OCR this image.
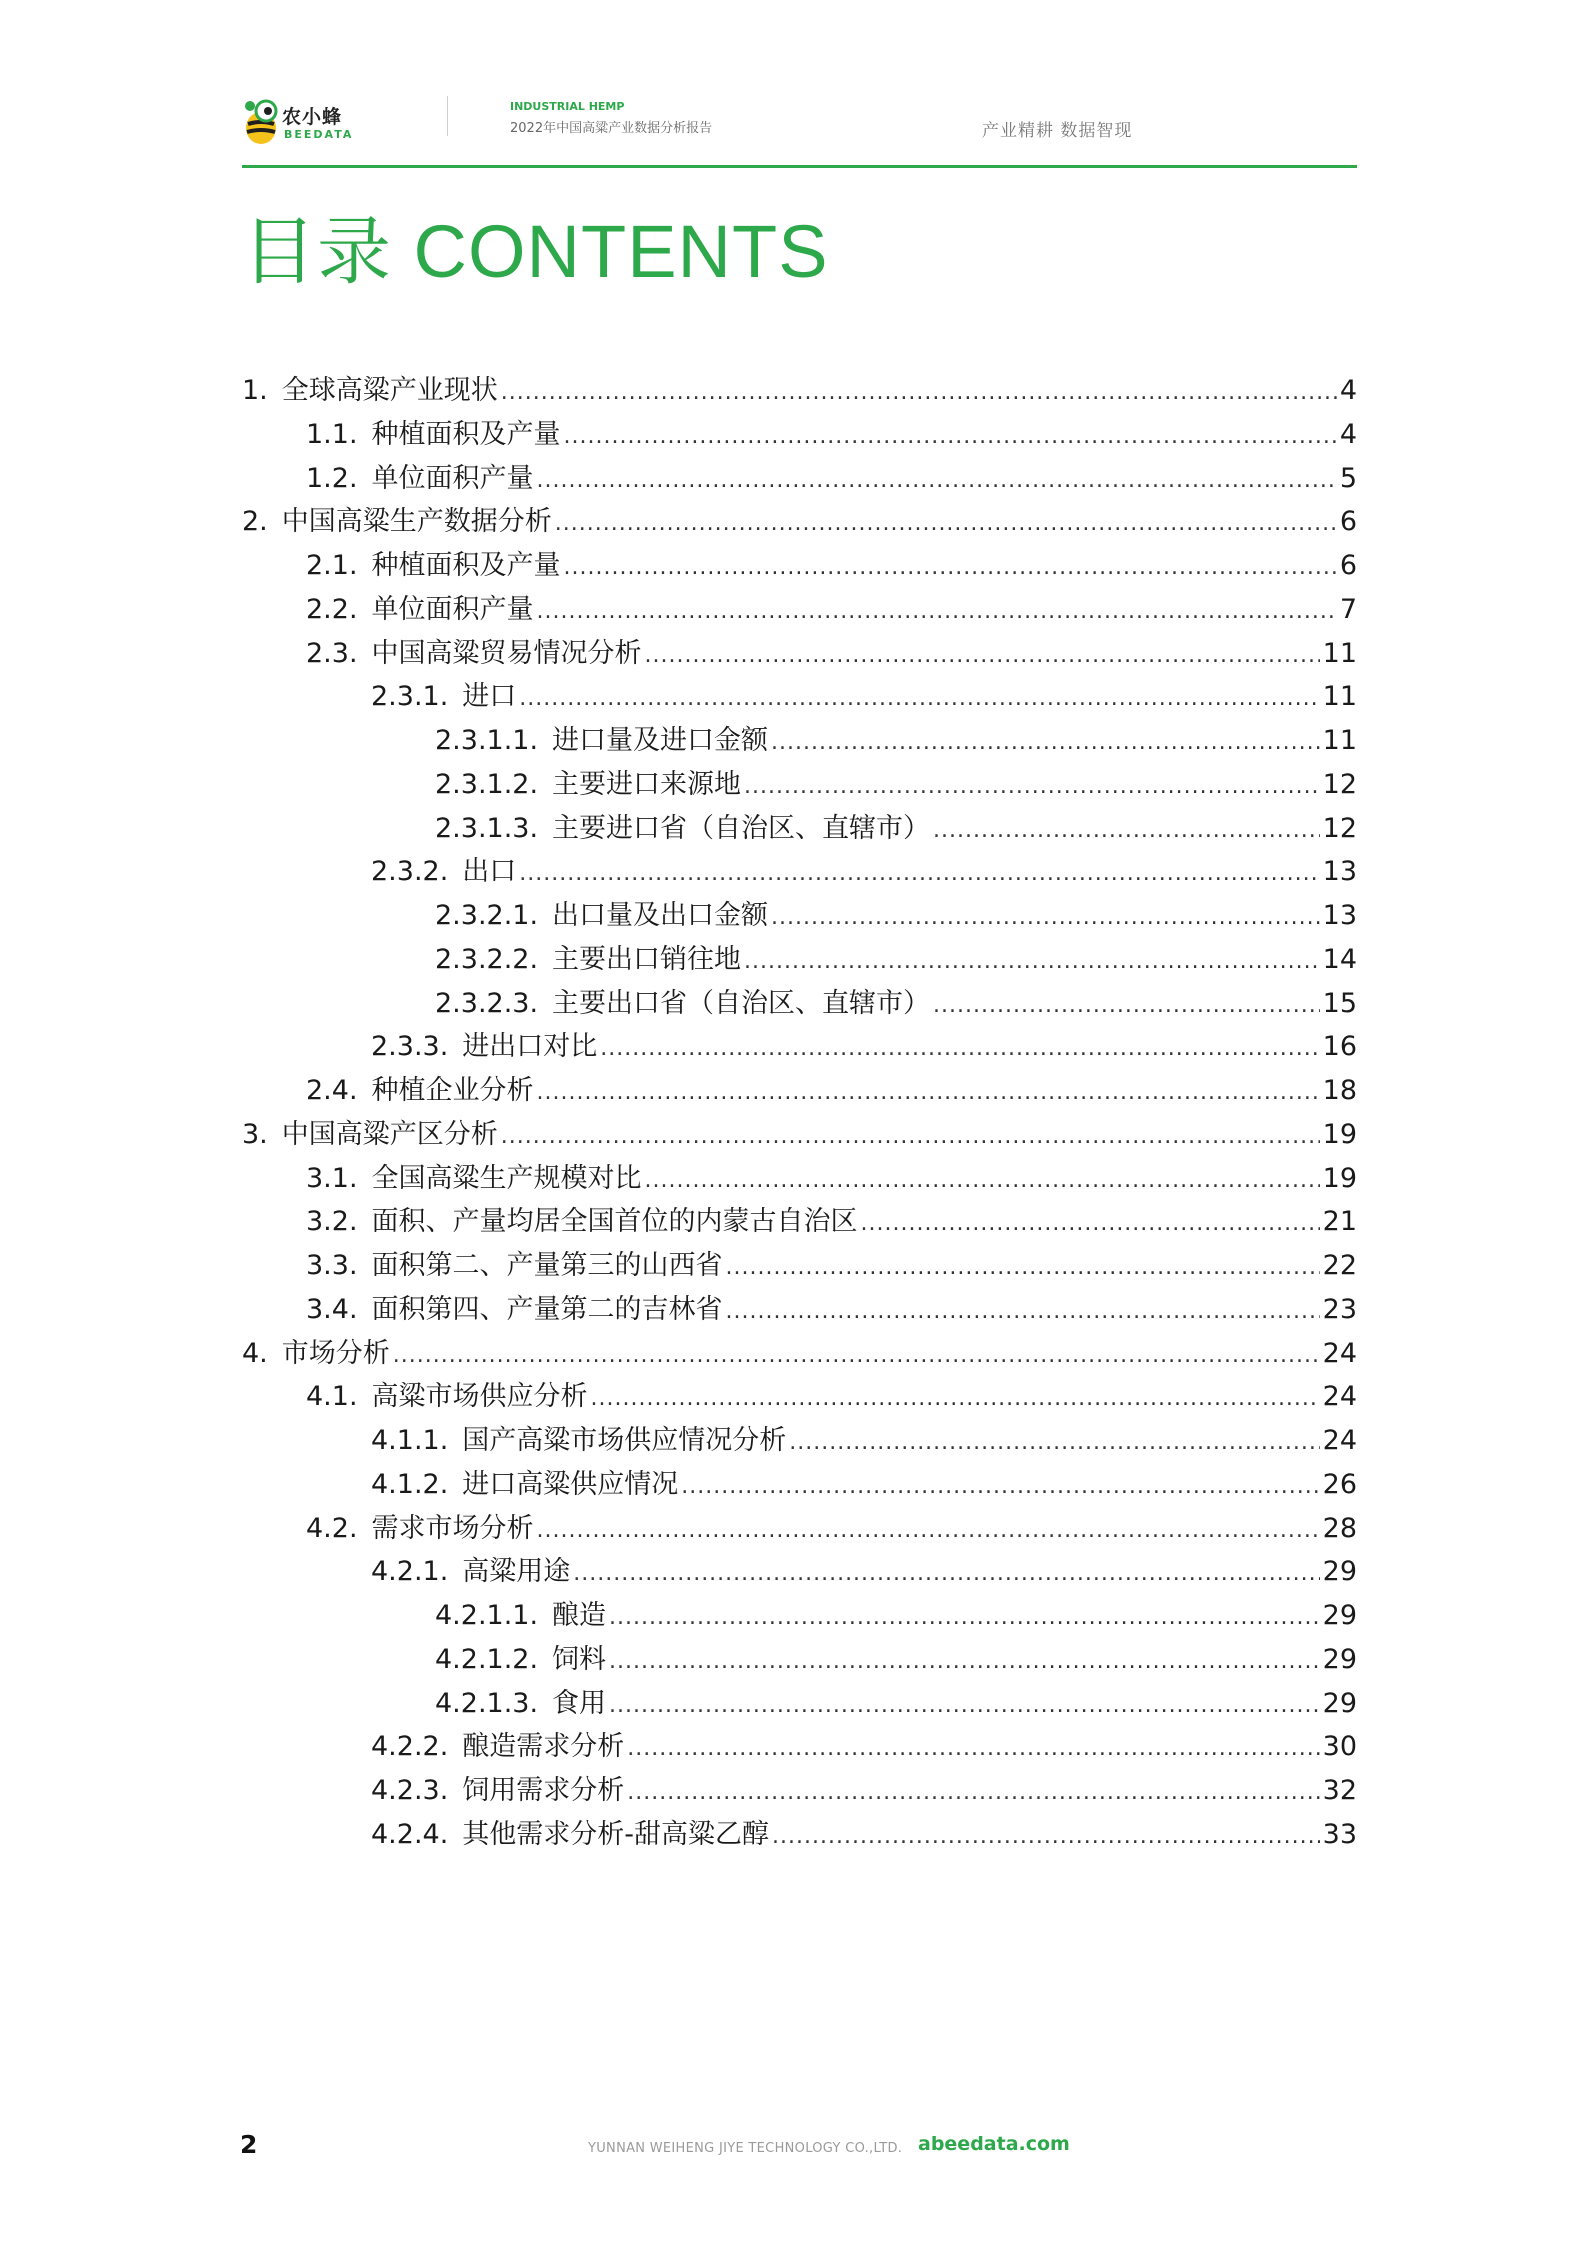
农小蜂
BEEDATA
INDUSTRIAL HEMP
2022年中国高粱产业数据分析报告	产业精耕 数据智现
目录 CONTENTS
1. 全球高粱产业现状 .....	4
1.1. 种植面积及产量 .....	4
1.2. 单位面积产量 .....	5
2. 中国高粱生产数据分析 .....	6
2.1. 种植面积及产量 .....	6
2.2. 单位面积产量 .....	7
2.3. 中国高粱贸易情况分析 .....	11
2.3.1. 进口 .....	11
2.3.1.1. 进口量及进口金额 .....	11
2.3.1.2. 主要进口来源地 .....	12
2.3.1.3. 主要进口省（自治区、直辖市） .....	12
2.3.2. 出口 .....	13
2.3.2.1. 出口量及出口金额 .....	13
2.3.2.2. 主要出口销往地 .....	14
2.3.2.3. 主要出口省（自治区、直辖市） .....	15
2.3.3. 进出口对比 .....	16
2.4. 种植企业分析 .....	18
3. 中国高粱产区分析 .....	19
3.1. 全国高粱生产规模对比 .....	19
3.2. 面积、产量均居全国首位的内蒙古自治区 .....	21
3.3. 面积第二、产量第三的山西省 .....	22
3.4. 面积第四、产量第二的吉林省 .....	23
4. 市场分析 .....	24
4.1. 高粱市场供应分析 .....	24
4.1.1. 国产高粱市场供应情况分析 .....	24
4.1.2. 进口高粱供应情况 .....	26
4.2. 需求市场分析 .....	28
4.2.1. 高粱用途 .....	29
4.2.1.1. 酿造 .....	29
4.2.1.2. 饲料 .....	29
4.2.1.3. 食用 .....	29
4.2.2. 酿造需求分析 .....	30
4.2.3. 饲用需求分析 .....	32
4.2.4. 其他需求分析-甜高粱乙醇 .....	33
2	YUNNAN WEIHENG JIYE TECHNOLOGY CO.,LTD. abeedata.com
